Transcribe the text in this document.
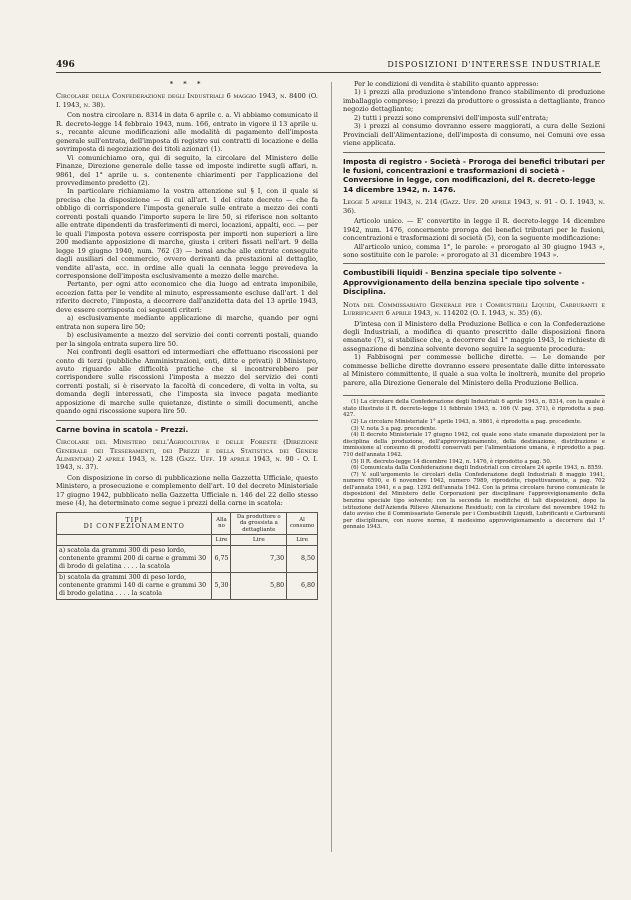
496	DISPOSIZIONI D'INTERESSE INDUSTRIALE

* * *

Circolare della Confederazione degli Industriali 6 maggio 1943, n. 8400 (O. I. 1943, n. 38).

Con nostra circolare n. 8314 in data 6 aprile c. a. Vi abbiamo comunicato il R. decreto-legge 14 febbraio 1943, num. 166, entrato in vigore il 13 aprile u. s., recante alcune modificazioni alle modalità di pagamento dell'imposta generale sull'entrata, dell'imposta di registro sui contratti di locazione e della sovrimposta di negoziazione dei titoli azionari (1).

Vi comunichiamo ora, qui di seguito, la circolare del Ministero delle Finanze, Direzione generale delle tasse ed imposte indirette sugli affari, n. 9861, del 1° aprile u. s. contenente chiarimenti per l'applicazione del provvedimento predetto (2).

In particolare richiamiamo la vostra attenzione sul § I, con il quale si precisa che la disposizione — di cui all'art. 1 del citato decreto — che fa obbligo di corrispondere l'imposta generale sulle entrate a mezzo dei conti correnti postali quando l'importo supera le lire 50, si riferisce non soltanto alle entrate dipendenti da trasferimenti di merci, locazioni, appalti, ecc. — per le quali l'imposta poteva essere corrisposta per importi non superiori a lire 200 mediante apposizione di marche, giusta i criteri fissati nell'art. 9 della legge 19 giugno 1940, num. 762 (3) — bensì anche alle entrate conseguite dagli ausiliari del commercio, ovvero derivanti da prestazioni al dettaglio, vendite all'asta, ecc. in ordine alle quali la cennata legge prevedeva la corresponsione dell'imposta esclusivamente a mezzo delle marche.

Pertanto, per ogni atto economico che dia luogo ad entrata imponibile, eccezion fatta per le vendite al minuto, espressamente escluse dall'art. 1 del riferito decreto, l'imposta, a decorrere dall'anzidetta data del 13 aprile 1943, deve essere corrisposta coi seguenti criteri:

a) esclusivamente mediante applicazione di marche, quando per ogni entrata non supera lire 50;

b) esclusivamente a mezzo del servizio dei conti correnti postali, quando per la singola entrata supera lire 50.

Nei confronti degli esattori ed intermediari che effettuano riscossioni per conto di terzi (pubbliche Amministrazioni, enti, ditte e privati) il Ministero, avuto riguardo alle difficoltà pratiche che si incontrerebbero per corrispondere sulle riscossioni l'imposta a mezzo del servizio dei conti correnti postali, si è riservato la facoltà di concedere, di volta in volta, su domanda degli interessati, che l'imposta sia invece pagata mediante apposizione di marche sulle quietanze, distinte o simili documenti, anche quando ogni riscossione supera lire 50.

Carne bovina in scatola - Prezzi.

Circolare del Ministero dell'Agricoltura e delle Foreste (Direzione Generale dei Tesseramenti, dei Prezzi e della Statistica dei Generi Alimentari) 2 aprile 1943, n. 128 (Gazz. Uff. 19 aprile 1943, n. 90 - O. I. 1943, n. 37).

Con disposizione in corso di pubblicazione nella Gazzetta Ufficiale, questo Ministero, a prosecuzione e complemento dell'art. 10 del decreto Ministeriale 17 giugno 1942, pubblicato nella Gazzetta Ufficiale n. 146 del 22 dello stesso mese (4), ha determinato come segue i prezzi della carne in scatola:

TIPI
DI CONFEZIONAMENTO	Alla
no	Da produttore o da grossista a dettagliante	Al consumo
	Lire	Lire	Lire
a) scatola da grammi 300 di peso lordo, contenente grammi 200 di carne e grammi 30 di brodo di gelatina . . . . la scatola	6,75	7,30	8,50
b) scatola da grammi 300 di peso lordo, contenente grammi 140 di carne e grammi 30 di brodo gelatina . . . . la scatola	5,30	5,80	6,80

Per le condizioni di vendita è stabilito quanto appresso:

1) i prezzi alla produzione s'intendono franco stabilimento di produzione imballaggio compreso; i prezzi da produttore o grossista a dettagliante, franco negozio dettagliante;

2) tutti i prezzi sono comprensivi dell'imposta sull'entrata;

3) i prezzi al consumo dovranno essere maggiorati, a cura delle Sezioni Provinciali dell'Alimentazione, dell'imposta di consumo, nei Comuni ove essa viene applicata.

Imposta di registro - Società - Proroga dei benefici tributari per le fusioni, concentrazioni e trasformazioni di società - Conversione in legge, con modificazioni, del R. decreto-legge 14 dicembre 1942, n. 1476.

Legge 5 aprile 1943, n. 214 (Gazz. Uff. 20 aprile 1943, n. 91 - O. I. 1943, n. 36).

Articolo unico. — E' convertito in legge il R. decreto-legge 14 dicembre 1942, num. 1476, concernente proroga dei benefici tributari per le fusioni, concentrazioni e trasformazioni di società (5), con la seguente modificazione:

All'articolo unico, comma 1°, le parole: « prorogato al 30 giugno 1943 », sono sostituite con le parole: « prorogato al 31 dicembre 1943 ».

Combustibili liquidi - Benzina speciale tipo solvente - Approvvigionamento della benzina speciale tipo solvente - Disciplina.

Nota del Commissariato Generale per i Combustibili Liquidi, Carburanti e Lubrificanti 6 aprile 1943, n. 114202 (O. I. 1943, n. 35) (6).

D'intesa con il Ministero della Produzione Bellica e con la Confederazione degli Industriali, a modifica di quanto prescritto dalle disposizioni finora emanate (7), si stabilisce che, a decorrere dal 1° maggio 1943, le richieste di assegnazione di benzina solvente devono seguire la seguente procedura:

1) Fabbisogni per commesse belliche dirette. — Le domande per commesse belliche dirette dovranno essere presentate dalle ditte interessate al Ministero committente, il quale a sua volta le inoltrerà, munite del proprio parere, alla Direzione Generale del Ministero della Produzione Bellica.

(1) La circolare della Confederazione degli Industriali 6 aprile 1943, n. 8314, con la quale è stato illustrato il R. decreto-legge 11 febbraio 1943, n. 166 (V. pag. 371), è riprodotta a pag. 427.

(2) La circolare Ministeriale 1° aprile 1943, n. 9861, è riprodotta a pag. precedente.

(3) V. nota 3 a pag. precedente.

(4) Il decreto Ministeriale 17 giugno 1942, col quale sono state emanate disposizioni per la disciplina della produzione, dell'approvvigionamento, della destinazione, distribuzione e immissione al consumo di prodotti conservati per l'alimentazione umana, è riprodotto a pag. 710 dell'annata 1942.

(5) Il R. decreto-legge 14 dicembre 1942, n. 1476, è riprodotto a pag. 50.

(6) Comunicata dalla Confederazione degli Industriali con circolare 24 aprile 1943, n. 8559.

(7) V. sull'argomento le circolari della Confederazione degli Industriali 8 maggio 1941, numero 6590, e 6 novembre 1942, numero 7989, riprodotte, rispettivamente, a pag. 702 dell'annata 1941, e a pag. 1292 dell'annata 1942. Con la prima circolare furono comunicate le disposizioni del Ministero delle Corporazioni per disciplinare l'approvvigionamento della benzina speciale tipo solvente; con la seconda le modifiche di tali disposizioni, dopo la istituzione dell'Azienda Rilievo Alienazione Residuati; con la circolare del novembre 1942 fu dato avviso che il Commissariato Generale per i Combustibili Liquidi, Lubrificanti e Carburanti per disciplinare, con nuove norme, il medesimo approvvigionamento a decorrere dal 1° gennaio 1943.
